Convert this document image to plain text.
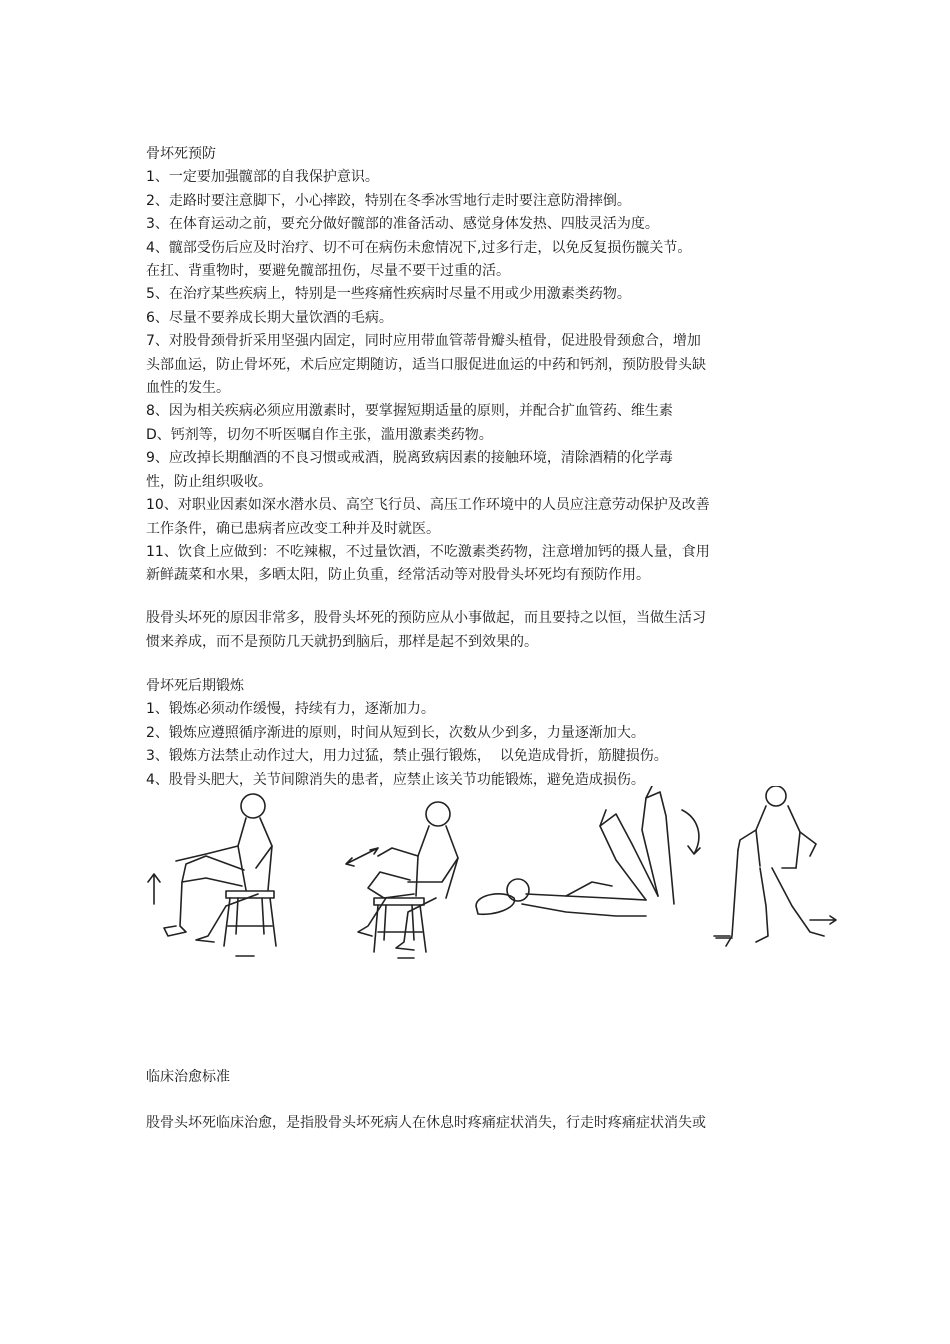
骨坏死预防

1、一定要加强髋部的自我保护意识。

2、走路时要注意脚下，小心摔跤，特别在冬季冰雪地行走时要注意防滑摔倒。

3、在体育运动之前，要充分做好髋部的准备活动、感觉身体发热、四肢灵活为度。

4、髋部受伤后应及时治疗、切不可在病伤未愈情况下,过多行走，以免反复损伤髋关节。

在扛、背重物时，要避免髋部扭伤，尽量不要干过重的活。

5、在治疗某些疾病上，特别是一些疼痛性疾病时尽量不用或少用激素类药物。

6、尽量不要养成长期大量饮酒的毛病。

7、对股骨颈骨折采用坚强内固定，同时应用带血管蒂骨瓣头植骨，促进股骨颈愈合，增加

头部血运，防止骨坏死，术后应定期随访，适当口服促进血运的中药和钙剂，预防股骨头缺

血性的发生。

8、因为相关疾病必须应用激素时，要掌握短期适量的原则，并配合扩血管药、维生素

D、钙剂等，切勿不听医嘱自作主张，滥用激素类药物。

9、应改掉长期酗酒的不良习惯或戒酒，脱离致病因素的接触环境，清除酒精的化学毒

性，防止组织吸收。

10、对职业因素如深水潜水员、高空飞行员、高压工作环境中的人员应注意劳动保护及改善

工作条件，确已患病者应改变工种并及时就医。

11、饮食上应做到：不吃辣椒，不过量饮酒，不吃激素类药物，注意增加钙的摄人量，食用

新鲜蔬菜和水果，多晒太阳，防止负重，经常活动等对股骨头坏死均有预防作用。

股骨头坏死的原因非常多，股骨头坏死的预防应从小事做起，而且要持之以恒，当做生活习

惯来养成，而不是预防几天就扔到脑后，那样是起不到效果的。

骨坏死后期锻炼

1、锻炼必须动作缓慢，持续有力，逐渐加力。

2、锻炼应遵照循序渐进的原则，时间从短到长，次数从少到多，力量逐渐加大。

3、锻炼方法禁止动作过大，用力过猛，禁止强行锻炼，  以免造成骨折，筋腱损伤。

4、股骨头肥大，关节间隙消失的患者，应禁止该关节功能锻炼，避免造成损伤。

临床治愈标准

股骨头坏死临床治愈，是指股骨头坏死病人在休息时疼痛症状消失，行走时疼痛症状消失或
